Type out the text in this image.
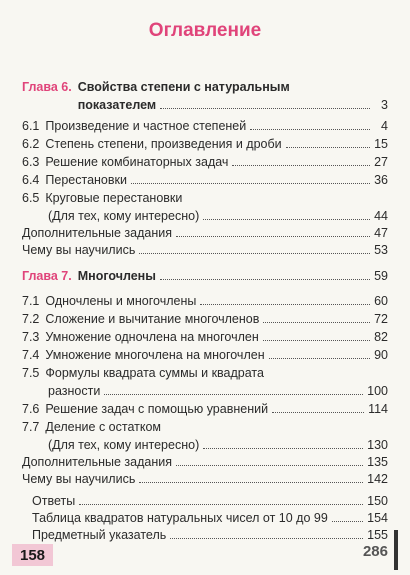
Оглавление
Глава 6. Свойства степени с натуральным
показателем	3
6.1 Произведение и частное степеней	4
6.2 Степень степени, произведения и дроби	15
6.3 Решение комбинаторных задач	27
6.4 Перестановки	36
6.5 Круговые перестановки
(Для тех, кому интересно)	44
Дополнительные задания	47
Чему вы научились	53
Глава 7. Многочлены	59
7.1 Одночлены и многочлены	60
7.2 Сложение и вычитание многочленов	72
7.3 Умножение одночлена на многочлен	82
7.4 Умножение многочлена на многочлен	90
7.5 Формулы квадрата суммы и квадрата
разности	100
7.6 Решение задач с помощью уравнений	114
7.7 Деление с остатком
(Для тех, кому интересно)	130
Дополнительные задания	135
Чему вы научились	142
Ответы	150
Таблица квадратов натуральных чисел от 10 до 99	154
Предметный указатель	155
158	286
